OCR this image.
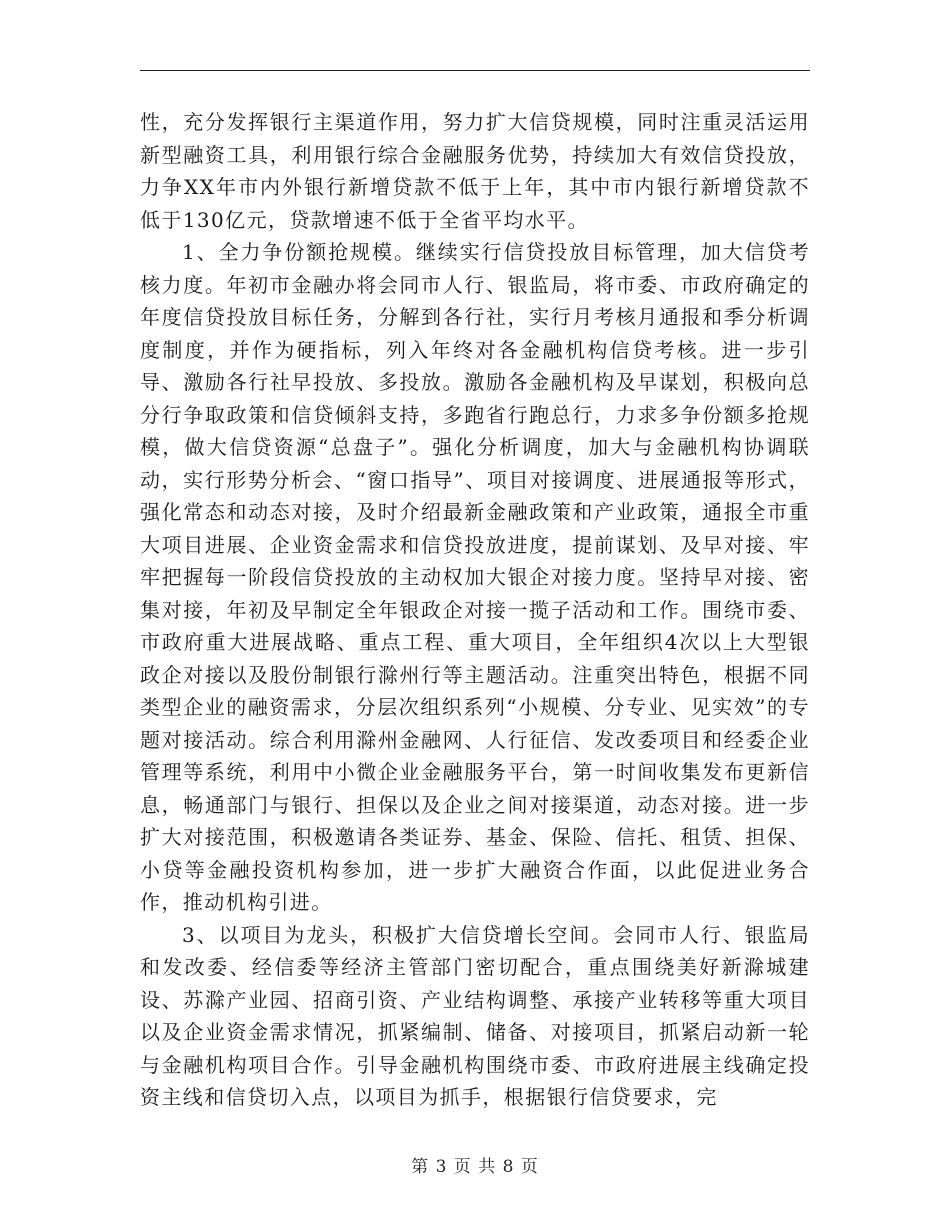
性，充分发挥银行主渠道作用，努力扩大信贷规模，同时注重灵活运用新型融资工具，利用银行综合金融服务优势，持续加大有效信贷投放，力争XX年市内外银行新增贷款不低于上年，其中市内银行新增贷款不低于130亿元，贷款增速不低于全省平均水平。

1、全力争份额抢规模。继续实行信贷投放目标管理，加大信贷考核力度。年初市金融办将会同市人行、银监局，将市委、市政府确定的年度信贷投放目标任务，分解到各行社，实行月考核月通报和季分析调度制度，并作为硬指标，列入年终对各金融机构信贷考核。进一步引导、激励各行社早投放、多投放。激励各金融机构及早谋划，积极向总分行争取政策和信贷倾斜支持，多跑省行跑总行，力求多争份额多抢规模，做大信贷资源“总盘子”。强化分析调度，加大与金融机构协调联动，实行形势分析会、“窗口指导”、项目对接调度、进展通报等形式，强化常态和动态对接，及时介绍最新金融政策和产业政策，通报全市重大项目进展、企业资金需求和信贷投放进度，提前谋划、及早对接、牢牢把握每一阶段信贷投放的主动权加大银企对接力度。坚持早对接、密集对接，年初及早制定全年银政企对接一揽子活动和工作。围绕市委、市政府重大进展战略、重点工程、重大项目，全年组织4次以上大型银政企对接以及股份制银行滁州行等主题活动。注重突出特色，根据不同类型企业的融资需求，分层次组织系列“小规模、分专业、见实效”的专题对接活动。综合利用滁州金融网、人行征信、发改委项目和经委企业管理等系统，利用中小微企业金融服务平台，第一时间收集发布更新信息，畅通部门与银行、担保以及企业之间对接渠道，动态对接。进一步扩大对接范围，积极邀请各类证券、基金、保险、信托、租赁、担保、小贷等金融投资机构参加，进一步扩大融资合作面，以此促进业务合作，推动机构引进。

3、以项目为龙头，积极扩大信贷增长空间。会同市人行、银监局和发改委、经信委等经济主管部门密切配合，重点围绕美好新滁城建设、苏滁产业园、招商引资、产业结构调整、承接产业转移等重大项目以及企业资金需求情况，抓紧编制、储备、对接项目，抓紧启动新一轮与金融机构项目合作。引导金融机构围绕市委、市政府进展主线确定投资主线和信贷切入点，以项目为抓手，根据银行信贷要求，完

第 3 页 共 8 页
